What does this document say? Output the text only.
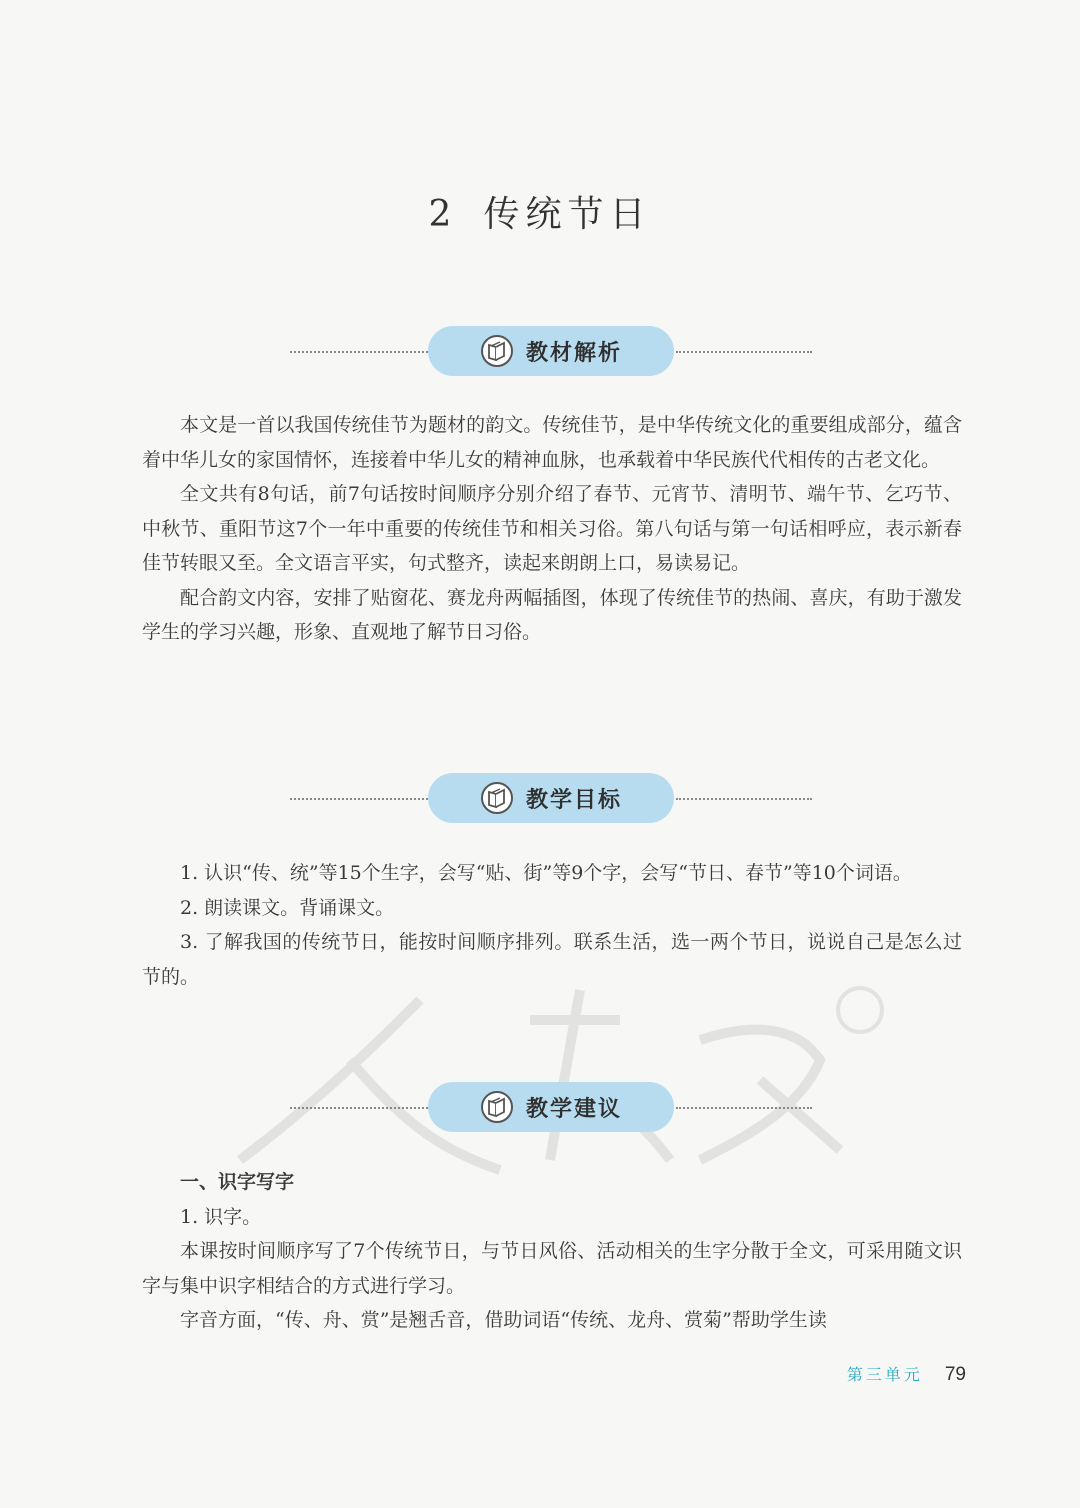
2 传统节日
教材解析

本文是一首以我国传统佳节为题材的韵文。传统佳节，是中华传统文化的重要组成部分，蕴含着中华儿女的家国情怀，连接着中华儿女的精神血脉，也承载着中华民族代代相传的古老文化。

全文共有8句话，前7句话按时间顺序分别介绍了春节、元宵节、清明节、端午节、乞巧节、中秋节、重阳节这7个一年中重要的传统佳节和相关习俗。第八句话与第一句话相呼应，表示新春佳节转眼又至。全文语言平实，句式整齐，读起来朗朗上口，易读易记。

配合韵文内容，安排了贴窗花、赛龙舟两幅插图，体现了传统佳节的热闹、喜庆，有助于激发学生的学习兴趣，形象、直观地了解节日习俗。

教学目标

1. 认识“传、统”等15个生字，会写“贴、街”等9个字，会写“节日、春节”等10个词语。

2. 朗读课文。背诵课文。

3. 了解我国的传统节日，能按时间顺序排列。联系生活，选一两个节日，说说自己是怎么过节的。

教学建议
一、识字写字

1. 识字。

本课按时间顺序写了7个传统节日，与节日风俗、活动相关的生字分散于全文，可采用随文识字与集中识字相结合的方式进行学习。

字音方面，“传、舟、赏”是翘舌音，借助词语“传统、龙舟、赏菊”帮助学生读

第三单元 79
